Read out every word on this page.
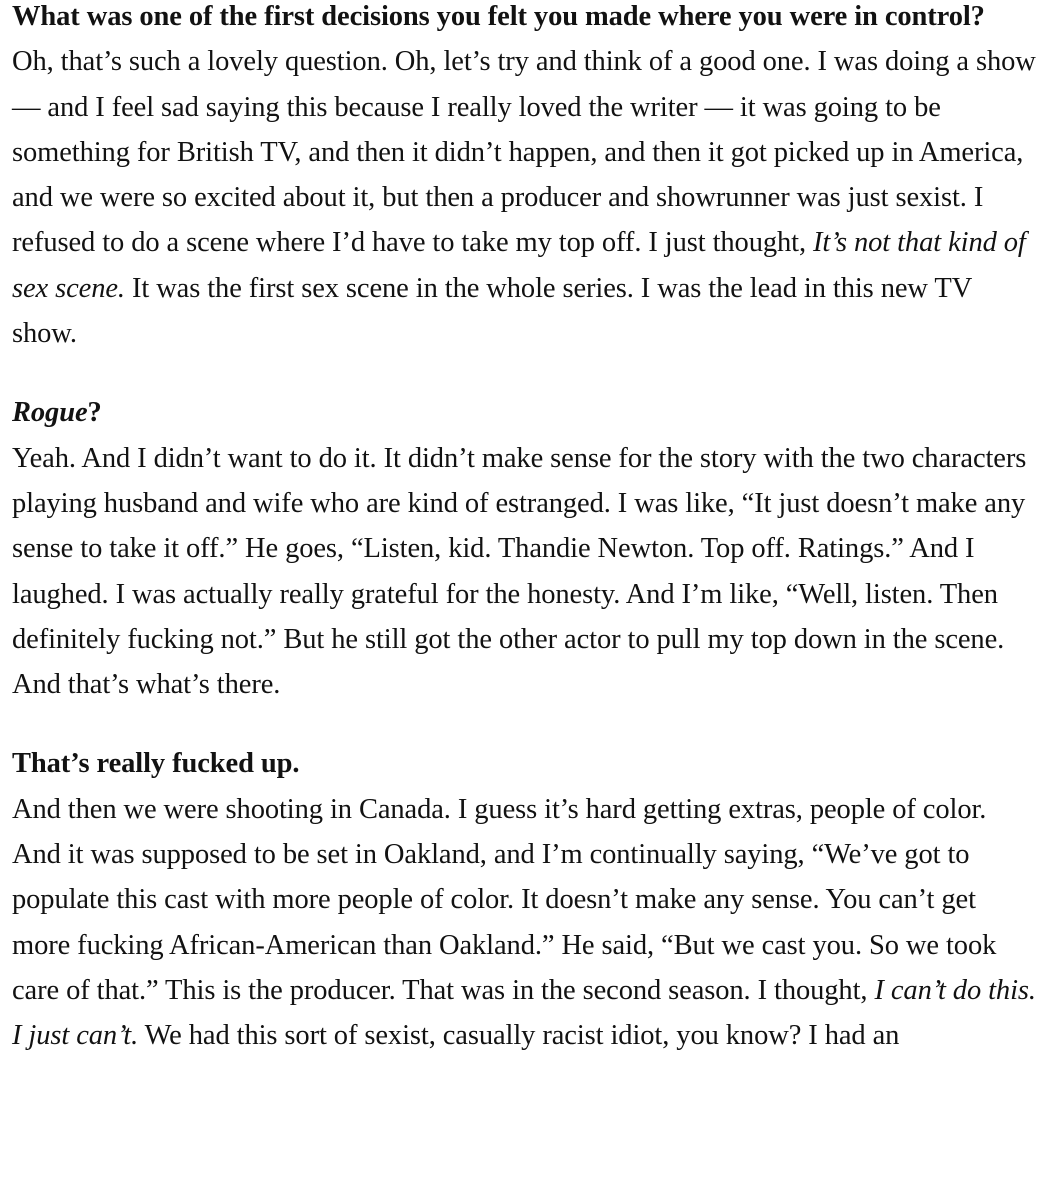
What was one of the first decisions you felt you made where you were in control?

Oh, that’s such a lovely question. Oh, let’s try and think of a good one. I was doing a show — and I feel sad saying this because I really loved the writer — it was going to be something for British TV, and then it didn’t happen, and then it got picked up in America, and we were so excited about it, but then a producer and showrunner was just sexist. I refused to do a scene where I’d have to take my top off. I just thought, It’s not that kind of sex scene. It was the first sex scene in the whole series. I was the lead in this new TV show.

Rogue?

Yeah. And I didn’t want to do it. It didn’t make sense for the story with the two characters playing husband and wife who are kind of estranged. I was like, “It just doesn’t make any sense to take it off.” He goes, “Listen, kid. Thandie Newton. Top off. Ratings.” And I laughed. I was actually really grateful for the honesty. And I’m like, “Well, listen. Then definitely fucking not.” But he still got the other actor to pull my top down in the scene. And that’s what’s there.

That’s really fucked up.

And then we were shooting in Canada. I guess it’s hard getting extras, people of color. And it was supposed to be set in Oakland, and I’m continually saying, “We’ve got to populate this cast with more people of color. It doesn’t make any sense. You can’t get more fucking African-American than Oakland.” He said, “But we cast you. So we took care of that.” This is the producer. That was in the second season. I thought, I can’t do this. I just can’t. We had this sort of sexist, casually racist idiot, you know? I had an
